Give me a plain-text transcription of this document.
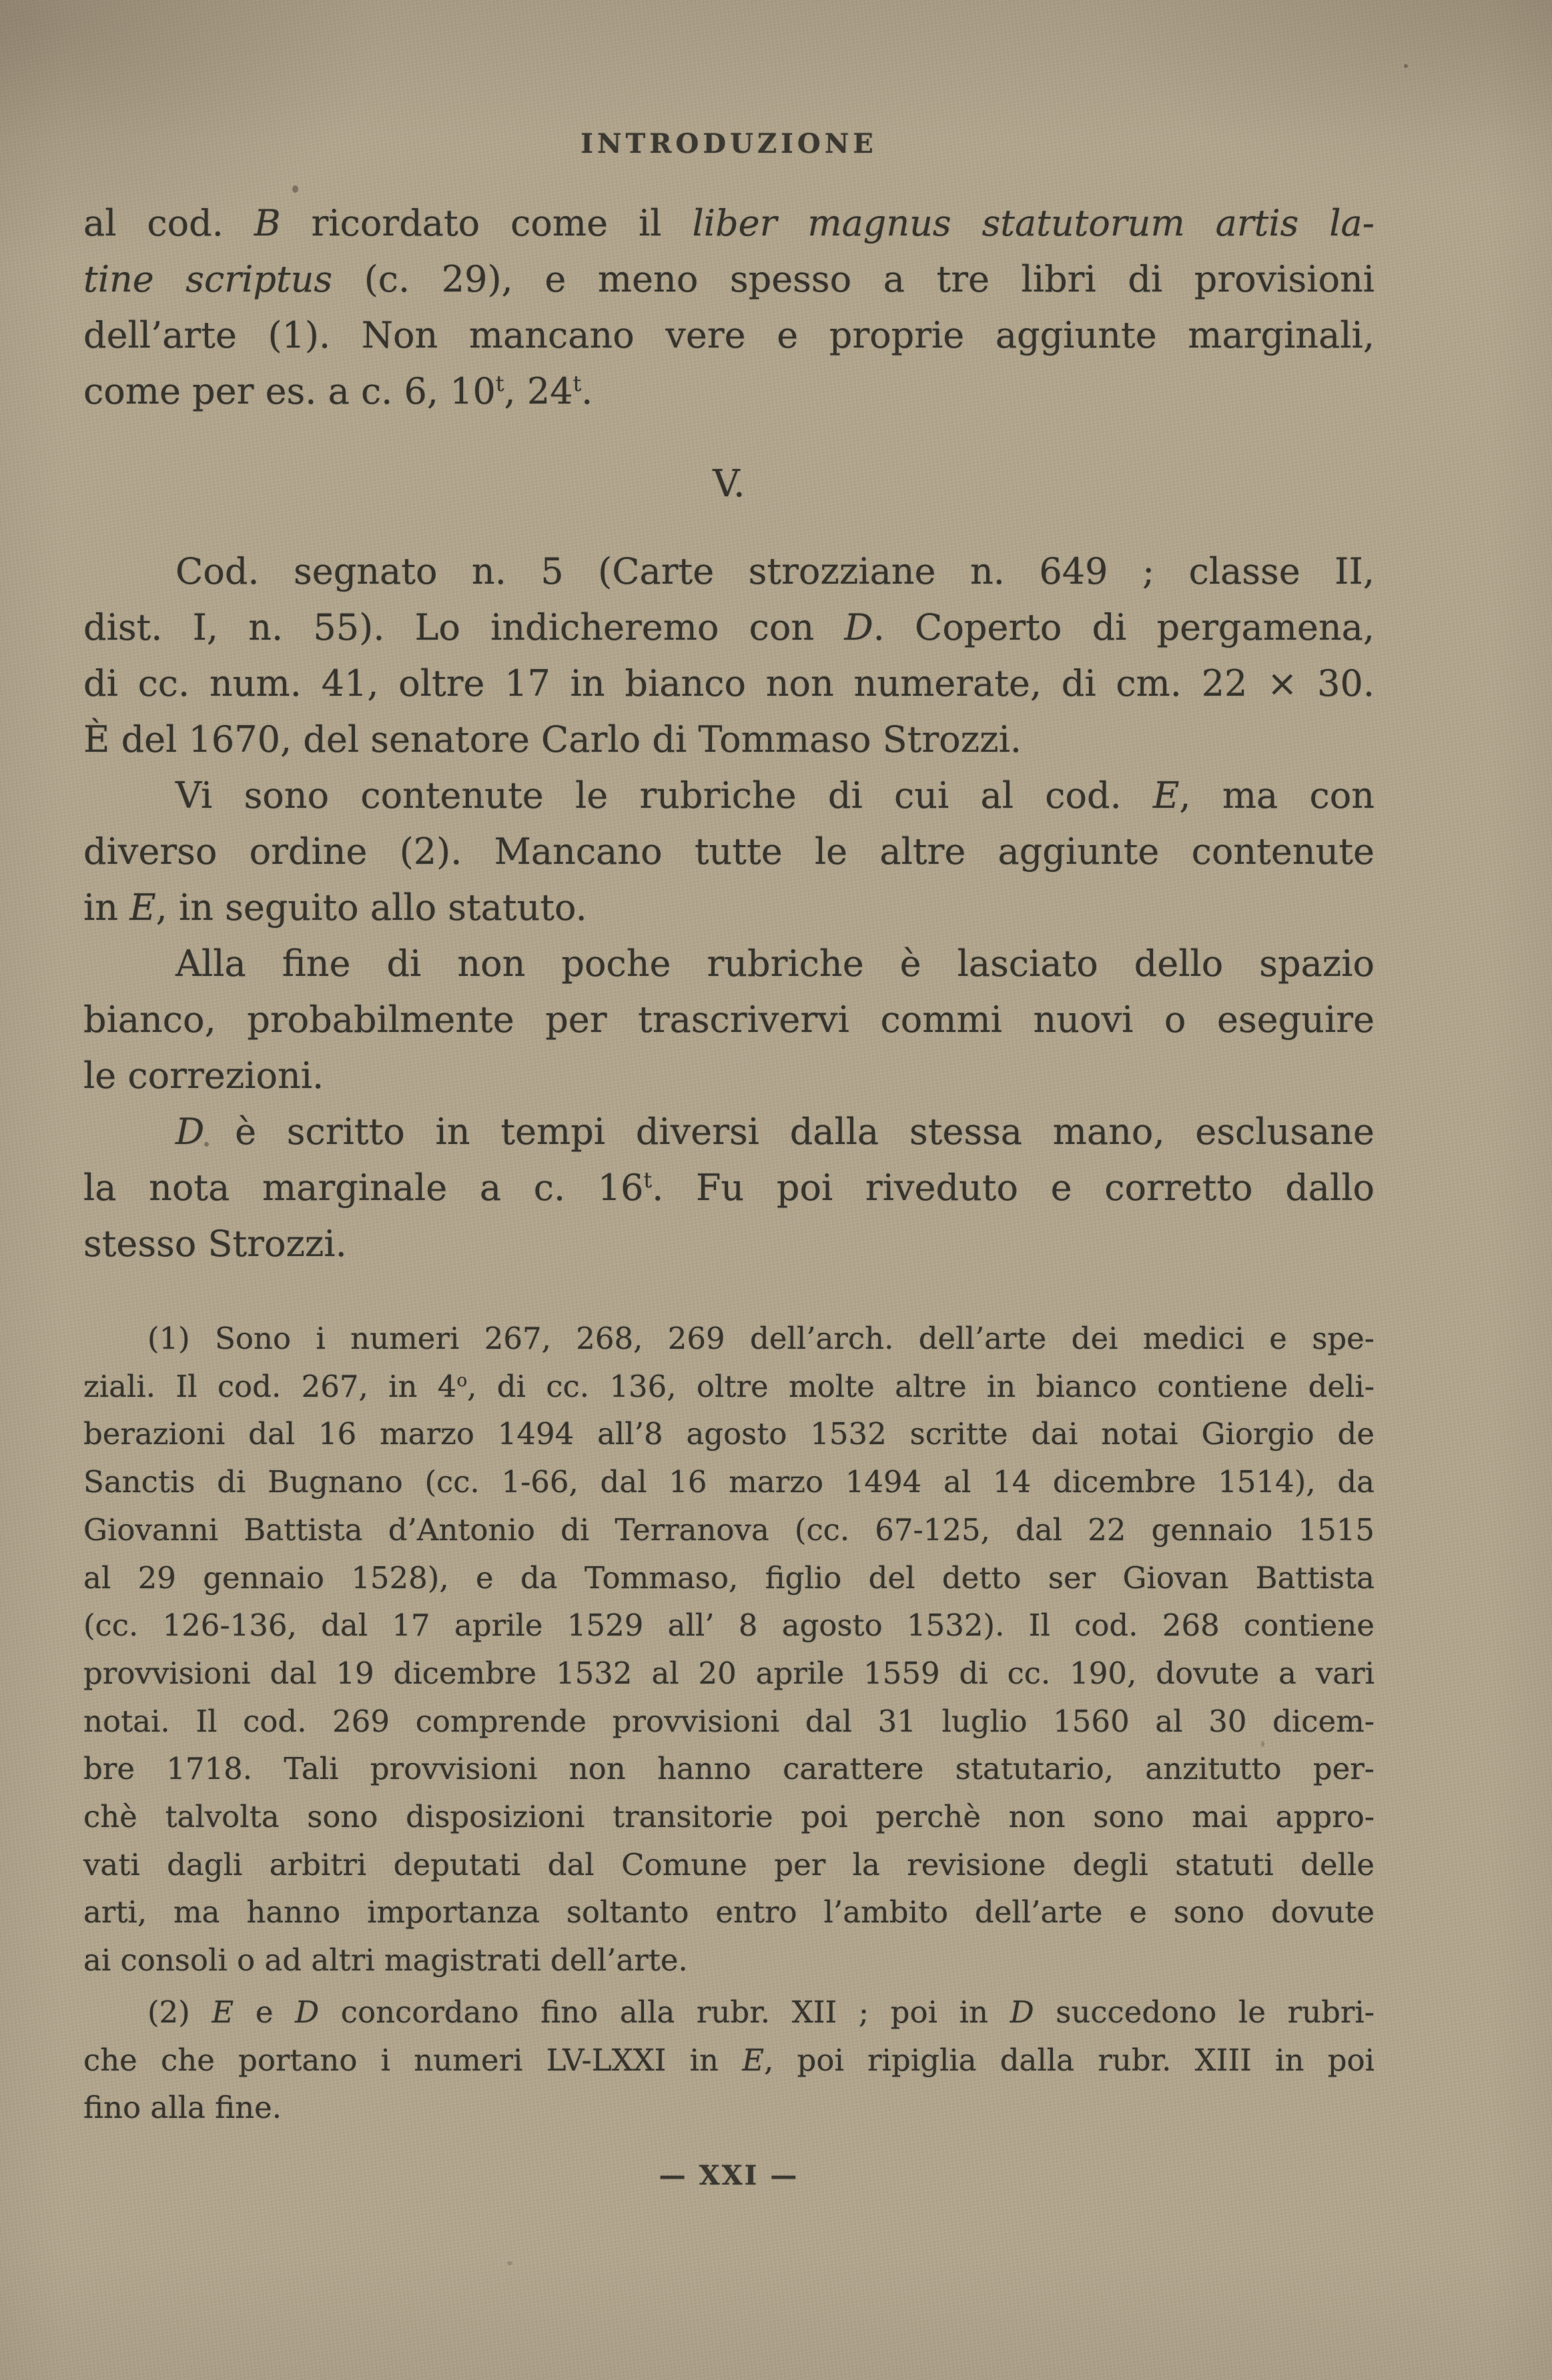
INTRODUZIONE

al cod. B ricordato come il liber magnus statutorum artis la-

tine scriptus (c. 29), e meno spesso a tre libri di provisioni

dell’arte (1). Non mancano vere e proprie aggiunte marginali,

come per es. a c. 6, 10$^t$, 24$^t$.

V.

Cod. segnato n. 5 (Carte strozziane n. 649 ; classe II,

dist. I, n. 55). Lo indicheremo con D. Coperto di pergamena,

di cc. num. 41, oltre 17 in bianco non numerate, di cm. 22 × 30.

È del 1670, del senatore Carlo di Tommaso Strozzi.

Vi sono contenute le rubriche di cui al cod. E, ma con

diverso ordine (2). Mancano tutte le altre aggiunte contenute

in E, in seguito allo statuto.

Alla fine di non poche rubriche è lasciato dello spazio

bianco, probabilmente per trascrivervi commi nuovi o eseguire

le correzioni.

D è scritto in tempi diversi dalla stessa mano, esclusane

la nota marginale a c. 16$^t$. Fu poi riveduto e corretto dallo

stesso Strozzi.

(1) Sono i numeri 267, 268, 269 dell’arch. dell’arte dei medici e spe-

ziali. Il cod. 267, in 4$^o$, di cc. 136, oltre molte altre in bianco contiene deli-

berazioni dal 16 marzo 1494 all’8 agosto 1532 scritte dai notai Giorgio de

Sanctis di Bugnano (cc. 1-66, dal 16 marzo 1494 al 14 dicembre 1514), da

Giovanni Battista d’Antonio di Terranova (cc. 67-125, dal 22 gennaio 1515

al 29 gennaio 1528), e da Tommaso, figlio del detto ser Giovan Battista

(cc. 126-136, dal 17 aprile 1529 all’ 8 agosto 1532). Il cod. 268 contiene

provvisioni dal 19 dicembre 1532 al 20 aprile 1559 di cc. 190, dovute a vari

notai. Il cod. 269 comprende provvisioni dal 31 luglio 1560 al 30 dicem-

bre 1718. Tali provvisioni non hanno carattere statutario, anzitutto per-

chè talvolta sono disposizioni transitorie poi perchè non sono mai appro-

vati dagli arbitri deputati dal Comune per la revisione degli statuti delle

arti, ma hanno importanza soltanto entro l’ambito dell’arte e sono dovute

ai consoli o ad altri magistrati dell’arte.

(2) E e D concordano fino alla rubr. XII ; poi in D succedono le rubri-

che che portano i numeri LV-LXXI in E, poi ripiglia dalla rubr. XIII in poi

fino alla fine.

— XXI —
